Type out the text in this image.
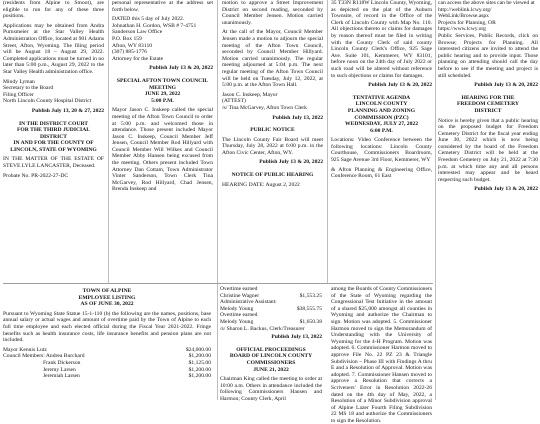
(residents from Alpine to Smoot), are eligible to run for any of these three positions.

Applications may be obtained from Andra Purnsmeier at the Star Valley Health Administration Office, located at 901 Adams Street, Afton, Wyoming. The filing period will be August 18 – August 29, 2022. Completed applications must be turned in no later than 5:00 p.m., August 29, 2022 to the Star Valley Health administration office.

Mindy Lyman

Secretary to the Board

Filing Officer

North Lincoln County Hospital District

Publish July 13, 20 & 27, 2022
IN THE DISTRICT COURT
FOR THE THIRD JUDICIAL DISTRICT
IN AND FOR THE COUNTY OF LINCOLN, STATE OF WYOMING

IN THE MATTER OF THE ESTATE OF STEVE LYLE LANCASTER, Deceased.

Probate No. PR-2022-27-DC

personal representative at the address set forth below.

DATED this 5 day of July 2022.

Johnathan H. Gordon, WSB # 7-4751

Sanderson Law Office

P.O. Box 159

Afton, WY 83110

(307) 885-1776

Attorney for the Estate

Publish July 13 & 20, 2022
SPECIAL AFTON TOWN COUNCIL MEETING
JUNE 29, 2022
5:00 P.M.

Mayor Jason C. Inskeep called the special meeting of the Afton Town Council to order at 5:00 p.m. and welcomed those in attendance. Those present included Mayor Jason C. Inskeep, Council Member Jeff Jensen, Council Member Rod Hillyard with Council Member Will Wilkes and Council Member Abby Hansen being excused from the meeting. Others present included Town Attorney Dan Cottam, Town Administrator Vinter Sanderson, Town Clerk Tina McGarvey, Rod Hillyard, Chad Jensen, Brenda Inskeep and

motion to approve a Street Improvement District on second reading, seconded by Council Member Jensen. Motion carried unanimously.

At the call of the Mayor, Council Member Jensen made a motion to adjourn the special meeting of the Afton Town Council, seconded by Council Member Hillyard. Motion carried unanimously. The regular meeting adjourned at 5:04 p.m. The next regular meeting of the Afton Town Council will be held on Tuesday, July 12, 2022, at 5:00 p.m. at the Afton Town Hall.

Jason C. Inskeep, Mayor

(ATTEST)

/s/ Tina McGarvey, Afton Town Clerk

Publish July 13, 2022
PUBLIC NOTICE

The Lincoln County Fair Board will meet Thursday, July 28, 2022 at 6:00 p.m. in the Afton Civic Center, Afton, WY.

Publish July 13 & 20, 2022
NOTICE OF PUBLIC HEARING

HEARING DATE: August 2, 2022

35 T33N R118W Lincoln County, Wyoming, as depicted on the plat of the Auburn Townsite, of record in the Office of the Clerk of Lincoln County with Map No. 110. All objections thereto or claims for damages by reason thereof must be filed in writing with the County Clerk of said county Lincoln County Clerk's Office, 925 Sage Ave. Suite 101, Kemmerer, WY 83101, before noon on the 24th day of July 2022 or such road will be altered without reference to such objections or claims for damages.

Publish July 13 & 20, 2022
TENTATIVE AGENDA
LINCOLN COUNTY
PLANNING AND ZONING
COMMISSION (PZC)
WEDNESDAY, JULY 27, 2022
6:00 P.M.

Locations: Video Conference between the following locations: Lincoln County Courthouse, Commissioners Boardroom, 925 Sage Avenue 3rd Floor, Kemmerer, WY

& Afton Planning & Engineering Office, Conference Room, 61 East

can access the above sites can be viewed at

http://weblink.lcwy.org/

WebLink/Browse.aspx

Projects for Planning, OR

https://www.lcwy.org

Public Services, Public Records, click on Browse; Projects for Planning. All interested citizens are invited to attend the public hearing and to provide input. Those planning on attending should call the day before to see if the meeting and project is still scheduled.

Publish July 13 & 20, 2022
HEARING FOR THE
FREEDOM CEMETERY
DISTRICT

Notice is hereby given that a public hearing on the proposed budget for Freedom Cemetery District for the fiscal year ending June 30, 2022 which is now being considered by the board of the Freedom Cemetery District will be held at the Freedom Cemetery on July 21, 2022 at 7:30 p.m. at which time any and all persons interested may appear and be heard respecting such budget.

Publish July 13 & 20, 2022
TOWN OF ALPINE
EMPLOYEE LISTING
AS OF JUNE 30, 2022

Pursuant to Wyoming State Statue 15-1-110 (b) the following are the names, positions, base annual salary or actual wages and amount of overtime paid by the Town of Alpine to each full time employee and each elected official during the Fiscal Year 2021-2022. Fringe benefits such as health insurance costs, life insurance benefits and pension plans are not included.

Mayor Kennis Lutz	$24,000.00
Council Members: Andrea Burchard	$1,200.00
Frank Dickerson	$1,125.00
Jeremy Larsen	$1,200.00
Jeremiah Larsen	$1,200.00
Overtime earned	
Christine Wagner	$1,553.25
Administrative Assistant:	
Melody Young	$38,555.75
Overtime earned	
Melody Young	$1,650.38

/s/ Sharon L. Backus, Clerk/Treasurer

Publish July 13, 2022
OFFICIAL PROCEEDINGS
BOARD OF LINCOLN COUNTY COMMISSIONERS
JUNE 21, 2022

Chairman King called the meeting to order at 10:00 a.m. Others in attendance included the following Commissioners Hansen and Harmon; County Clerk, April

among the Boards of County Commissioners of the State of Wyoming regarding the Congressional Test Initiative in the amount of a shared $25,000 amongst all counties in Wyoming and authorize the Chairman to sign. Motion was adopted. 5. Commissioner Harmon moved to sign the Memorandum of Understanding with the University of Wyoming for the 4-H Program. Motion was adopted. 6. Commissioner Harmon moved to approve File No. 22 PZ 23 & Triangle Subdivision – Phase III with Findings A thru E and a Resolution of Approval. Motion was adopted. 7. Commissioner Hansen moved to approve a Resolution that corrects a Scriveners' Error in Resolution 2022-26 dated on the 4th day of May, 2022, a Resolution of a Minor Subdivision approval of Alpine Lazer Fourth Filing Subdivision 22 MS 18 and authorize the Commissioners to sign the Resolution.
